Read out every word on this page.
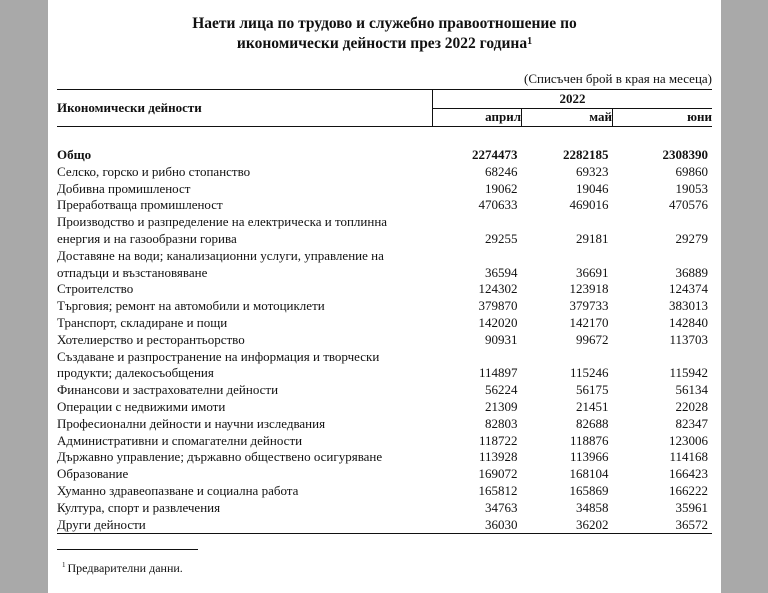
Наети лица по трудово и служебно правоотношение по
икономически дейности през 2022 година$^1$
(Списъчен брой в края на месеца)
Икономически дейности	2022		
	април	май	юни

Общо	2274473	2282185	2308390
Селско, горско и рибно стопанство	68246	69323	69860
Добивна промишленост	19062	19046	19053
Преработваща промишленост	470633	469016	470576
Производство и разпределение на електрическа и топлинна енергия и на газообразни горива	29255	29181	29279
Доставяне на води; канализационни услуги, управление на отпадъци и възстановяване	36594	36691	36889
Строителство	124302	123918	124374
Търговия; ремонт на автомобили и мотоциклети	379870	379733	383013
Транспорт, складиране и пощи	142020	142170	142840
Хотелиерство и ресторантьорство	90931	99672	113703
Създаване и разпространение на информация и творчески продукти; далекосъобщения	114897	115246	115942
Финансови и застрахователни дейности	56224	56175	56134
Операции с недвижими имоти	21309	21451	22028
Професионални дейности и научни изследвания	82803	82688	82347
Административни и спомагателни дейности	118722	118876	123006
Държавно управление; държавно обществено осигуряване	113928	113966	114168
Образование	169072	168104	166423
Хуманно здравеопазване и социална работа	165812	165869	166222
Култура, спорт и развлечения	34763	34858	35961
Други дейности	36030	36202	36572
$^1$ Предварителни данни.
